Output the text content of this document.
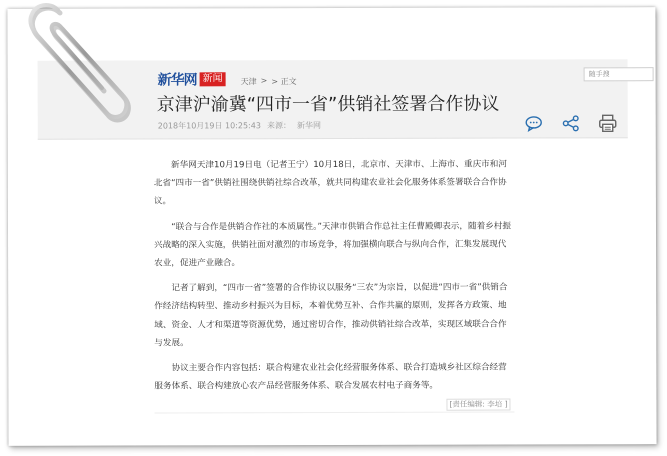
新华网 新闻	天津 > > 正文
随手搜
京津沪渝冀“四市一省”供销社签署合作协议
2018年10月19日 10:25:43 来源： 新华网

新华网天津10月19日电（记者王宁）10月18日，北京市、天津市、上海市、重庆市和河北省“四市一省”供销社围绕供销社综合改革，就共同构建农业社会化服务体系签署联合合作协议。

“联合与合作是供销合作社的本质属性。”天津市供销合作总社主任曹殿卿表示，随着乡村振兴战略的深入实施，供销社面对激烈的市场竞争，将加强横向联合与纵向合作，汇集发展现代农业，促进产业融合。

记者了解到，“四市一省”签署的合作协议以服务“三农”为宗旨，以促进“四市一省”供销合作经济结构转型、推动乡村振兴为目标，本着优势互补、合作共赢的原则，发挥各方政策、地域、资金、人才和渠道等资源优势，通过密切合作，推动供销社综合改革，实现区域联合合作与发展。

协议主要合作内容包括：联合构建农业社会化经营服务体系、联合打造城乡社区综合经营服务体系、联合构建放心农产品经营服务体系、联合发展农村电子商务等。

[责任编辑: 李培 ]
